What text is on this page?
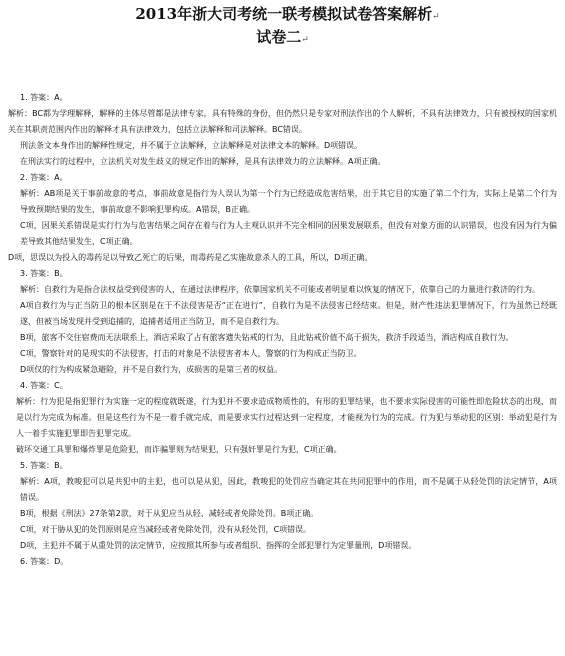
2013年浙大司考统一联考模拟试卷答案解析↵
试卷二↵

1. 答案：A。

解析：BC都为学理解释，解释的主体尽管都是法律专家，具有特殊的身份，但仍然只是专家对刑法作出的个人解析，不具有法律效力，只有被授权的国家机关在其职责范围内作出的解释才具有法律效力，包括立法解释和司法解释。BC错误。

刑法条文本身作出的解释性规定，并不属于立法解释，立法解释是对法律文本的解释。D项错误。

在刑法实行的过程中，立法机关对发生歧义的规定作出的解释，是具有法律效力的立法解释。A项正确。

2. 答案：A。

解析：AB项是关于事前故意的考点，事前故意是指行为人误认为第一个行为已经造成危害结果，出于其它目的实施了第二个行为，实际上是第二个行为导致预期结果的发生，事前故意不影响犯罪构成。A错误，B正确。

C项，因果关系错误是实行行为与危害结果之间存在着与行为人主观认识并不完全相同的因果发展联系，但没有对象方面的认识错误，也没有因为行为偏差导致其他结果发生，C项正确。

D项，思误以为投入的毒药足以导致乙死亡的后果，而毒药是乙实施故意杀人的工具，所以，D项正确。

3. 答案：B。

解析：自救行为是指合法权益受到侵害的人，在通过法律程序，依靠国家机关不可能或者明显难以恢复的情况下，依靠自己的力量进行救济的行为。

A项自救行为与正当防卫的根本区别是在于不法侵害是否“正在进行”，自救行为是不法侵害已经结束。但是，财产性违法犯罪情况下，行为虽然已经既遂，但被当场发现并受到追捕的，追捕者适用正当防卫，而不是自救行为。

B项，旅客不交住宿费而无法联系上，酒店采取了占有旅客遗失钻戒的行为，且此钻戒价值不高于损失，救济手段适当，酒店构成自救行为。

C项，警察针对的是现实的不法侵害，打击的对象是不法侵害者本人，警察的行为构成正当防卫。

D项仅的行为构成紧急避险，并不是自救行为，成损害的是第三者的权益。

4. 答案：C。

解析：行为犯是指犯罪行为实施一定的程度就既遂，行为犯并不要求造成物质性的，有形的犯罪结果，也不要求实际侵害的可能性即危险状态的出现，而是以行为完成为标准。但是这些行为不是一着手就完成，而是要求实行过程达到一定程度，才能视为行为的完成。行为犯与举动犯的区别：举动犯是行为人一着手实施犯罪即告犯罪完成。

破坏交通工具罪和爆炸罪是危险犯，而诈骗罪则为结果犯，只有强奸罪是行为犯，C项正确。

5. 答案：B。

解析：A项，教唆犯可以是共犯中的主犯，也可以是从犯，因此，教唆犯的处罚应当确定其在共同犯罪中的作用，而不是属于从轻处罚的法定情节，A项错误。

B项，根据《刑法》27条第2款，对于从犯应当从轻、减轻或者免除处罚。B项正确。

C项，对于胁从犯的处罚原则是应当减轻或者免除处罚，没有从轻处罚，C项错误。

D项，主犯并不属于从重处罚的法定情节，应按照其所参与或者组织、指挥的全部犯罪行为定罪量刑，D项错误。

6. 答案：D。
